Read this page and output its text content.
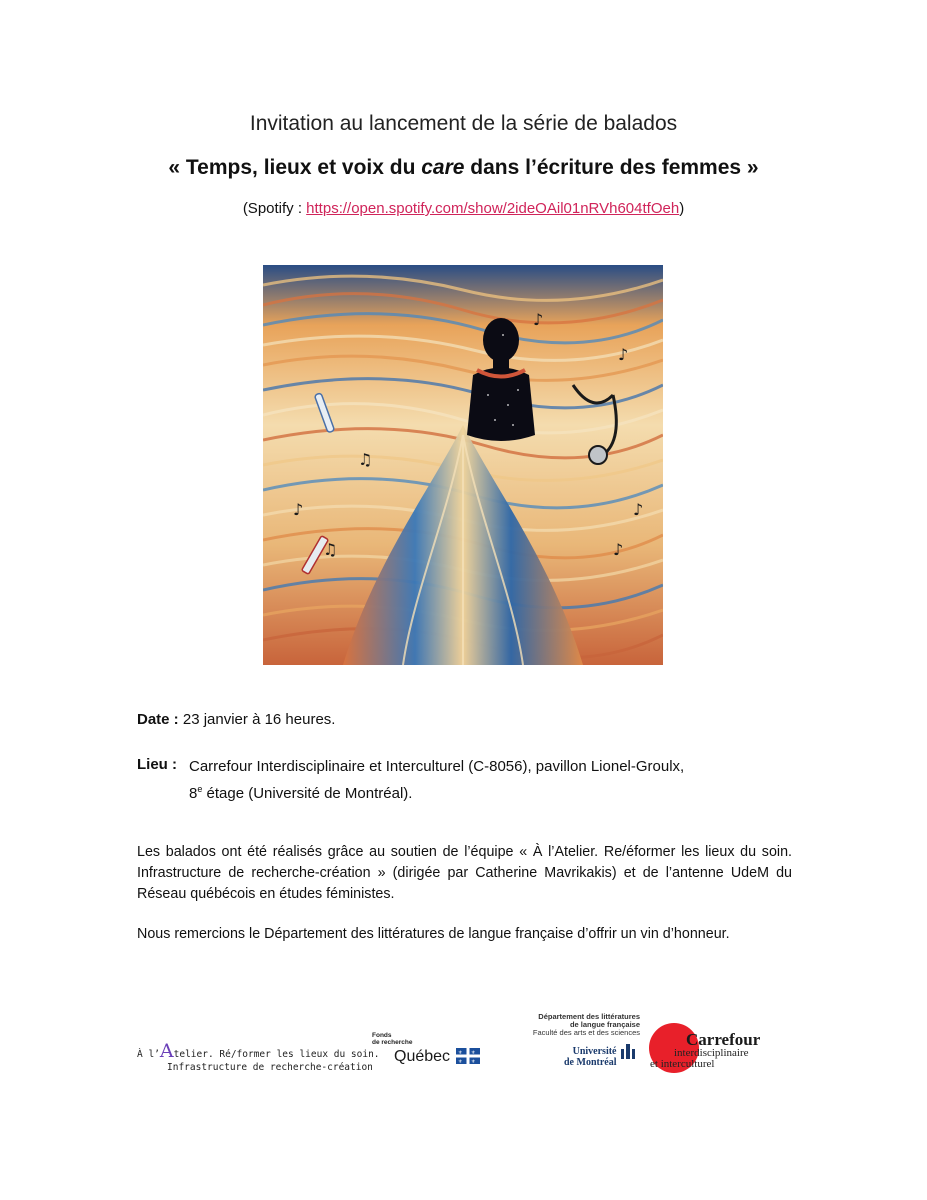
Invitation au lancement de la série de balados
« Temps, lieux et voix du care dans l’écriture des femmes »
(Spotify : https://open.spotify.com/show/2ideOAil01nRVh604tfOeh)
♪
♪
♫
♪	♪
♫	♪
Date : 23 janvier à 16 heures.
Lieu : Carrefour Interdisciplinaire et Interculturel (C-8056), pavillon Lionel-Groulx,
8e étage (Université de Montréal).
Les balados ont été réalisés grâce au soutien de l’équipe « À l’Atelier. Re/éformer les lieux du soin. Infrastructure de recherche-création » (dirigée par Catherine Mavrikakis) et de l’antenne UdeM du Réseau québécois en études féministes.
Nous remercions le Département des littératures de langue française d’offrir un vin d’honneur.
À l’Atelier. Ré/former les lieux du soin.
Infrastructure de recherche-création
Fonds
de recherche
Québec ⚜ ⚜
⚜ ⚜
Département des littératures
de langue française
Faculté des arts et des sciences
Université
de Montréal
Carrefour
interdisciplinaire
et interculturel
